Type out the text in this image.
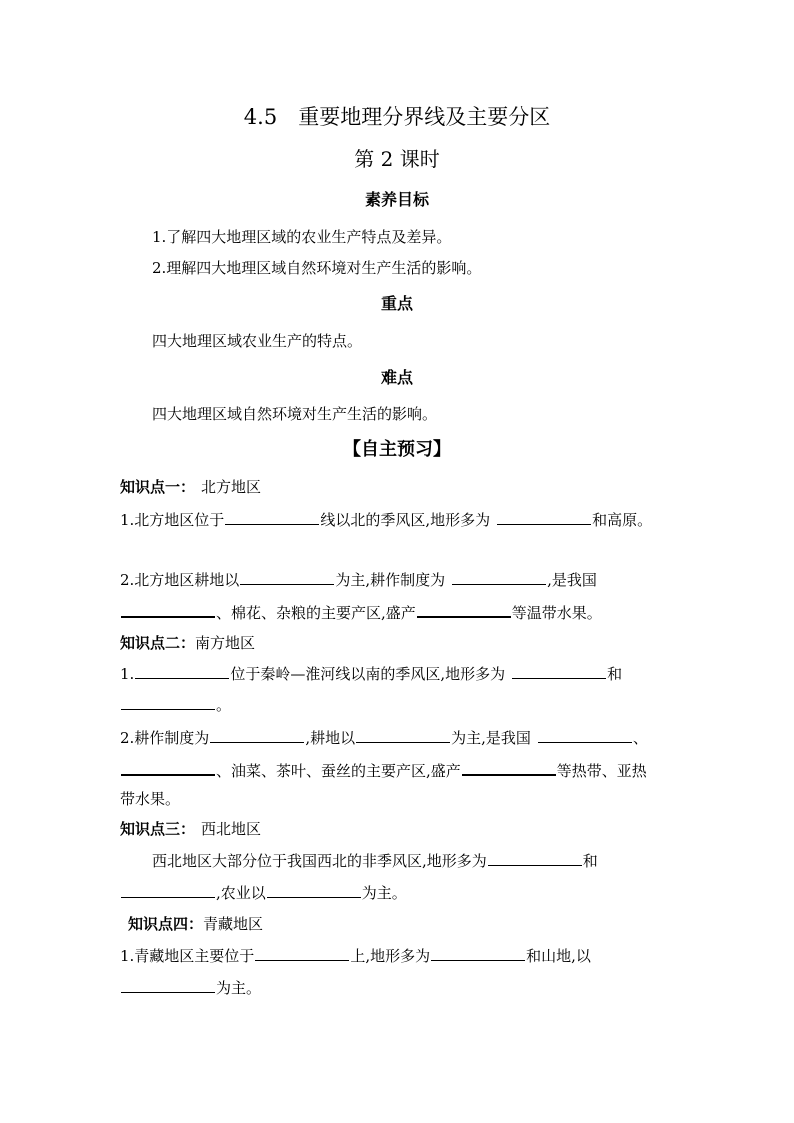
4.5　重要地理分界线及主要分区
第 2 课时
素养目标
1.了解四大地理区域的农业生产特点及差异。
2.理解四大地理区域自然环境对生产生活的影响。
重点
四大地理区域农业生产的特点。
难点
四大地理区域自然环境对生产生活的影响。
【自主预习】
知识点一： 北方地区
1.北方地区位于	线以北的季风区,地形多为	和高原。
2.北方地区耕地以	为主,耕作制度为	,是我国
、棉花、杂粮的主要产区,盛产	等温带水果。
知识点二：南方地区
1.	位于秦岭—淮河线以南的季风区,地形多为	和
。
2.耕作制度为	,耕地以	为主,是我国	、
、油菜、茶叶、蚕丝的主要产区,盛产	等热带、亚热
带水果。
知识点三： 西北地区
西北地区大部分位于我国西北的非季风区,地形多为	和
,农业以	为主。
知识点四：青藏地区
1.青藏地区主要位于	上,地形多为	和山地,以
为主。
